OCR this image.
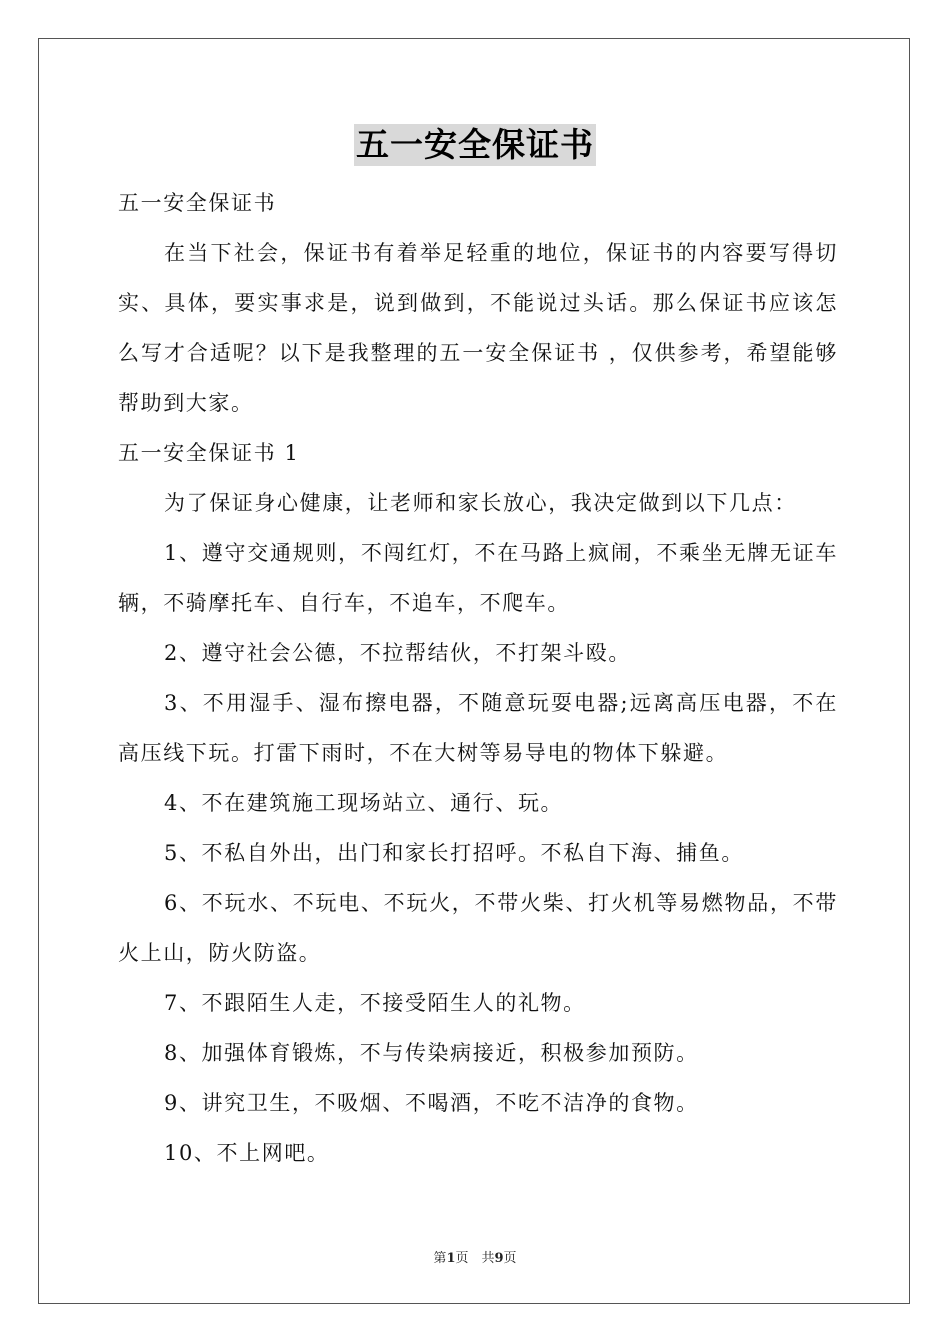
五一安全保证书

五一安全保证书

在当下社会，保证书有着举足轻重的地位，保证书的内容要写得切实、具体，要实事求是，说到做到，不能说过头话。那么保证书应该怎么写才合适呢？以下是我整理的五一安全保证书 ，仅供参考，希望能够帮助到大家。

五一安全保证书 1

为了保证身心健康，让老师和家长放心，我决定做到以下几点：

1、遵守交通规则，不闯红灯，不在马路上疯闹，不乘坐无牌无证车辆，不骑摩托车、自行车，不追车，不爬车。

2、遵守社会公德，不拉帮结伙，不打架斗殴。

3、不用湿手、湿布擦电器，不随意玩耍电器;远离高压电器，不在高压线下玩。打雷下雨时，不在大树等易导电的物体下躲避。

4、不在建筑施工现场站立、通行、玩。

5、不私自外出，出门和家长打招呼。不私自下海、捕鱼。

6、不玩水、不玩电、不玩火，不带火柴、打火机等易燃物品，不带火上山，防火防盗。

7、不跟陌生人走，不接受陌生人的礼物。

8、加强体育锻炼，不与传染病接近，积极参加预防。

9、讲究卫生，不吸烟、不喝酒，不吃不洁净的食物。

10、不上网吧。

第1页　共9页
